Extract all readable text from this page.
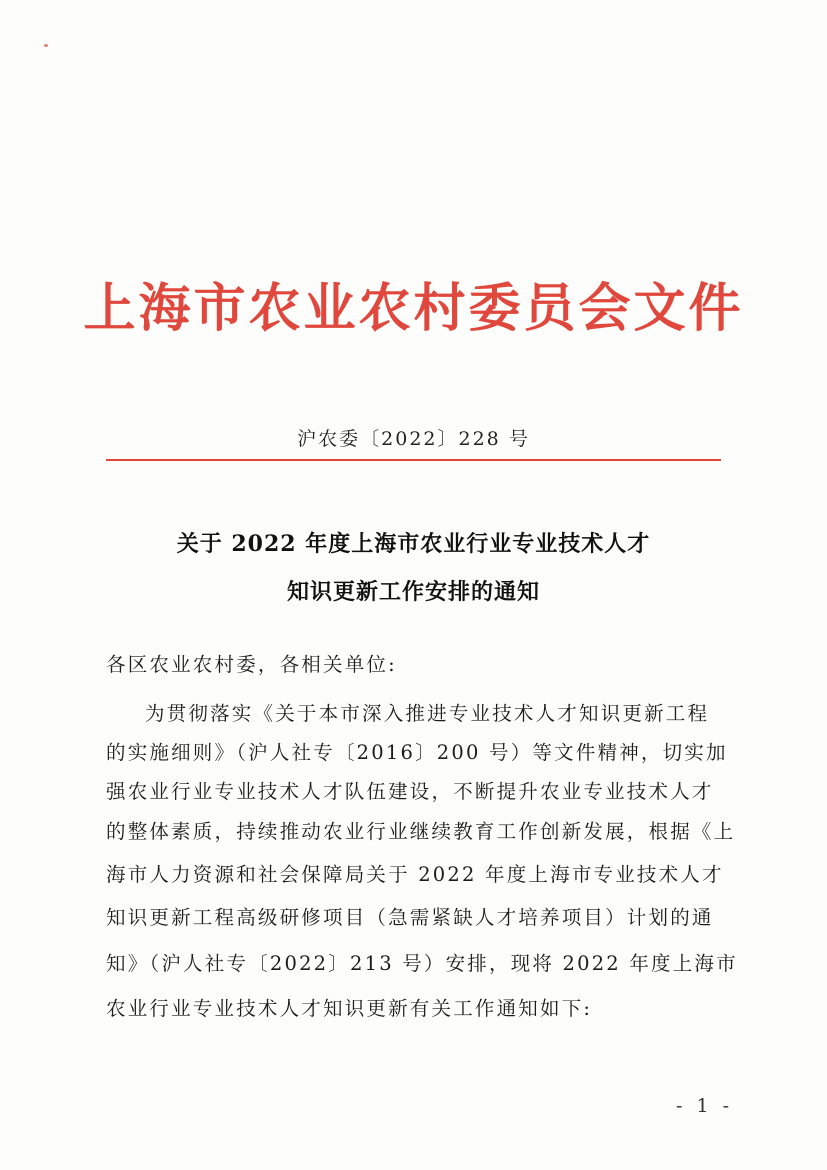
上海市农业农村委员会文件
沪农委〔2022〕228 号
关于 2022 年度上海市农业行业专业技术人才
知识更新工作安排的通知
各区农业农村委，各相关单位:
为贯彻落实《关于本市深入推进专业技术人才知识更新工程
的实施细则》（沪人社专〔2016〕200 号）等文件精神，切实加
强农业行业专业技术人才队伍建设，不断提升农业专业技术人才
的整体素质，持续推动农业行业继续教育工作创新发展，根据《上
海市人力资源和社会保障局关于 2022 年度上海市专业技术人才
知识更新工程高级研修项目（急需紧缺人才培养项目）计划的通
知》（沪人社专〔2022〕213 号）安排，现将 2022 年度上海市
农业行业专业技术人才知识更新有关工作通知如下:
- 1 -
